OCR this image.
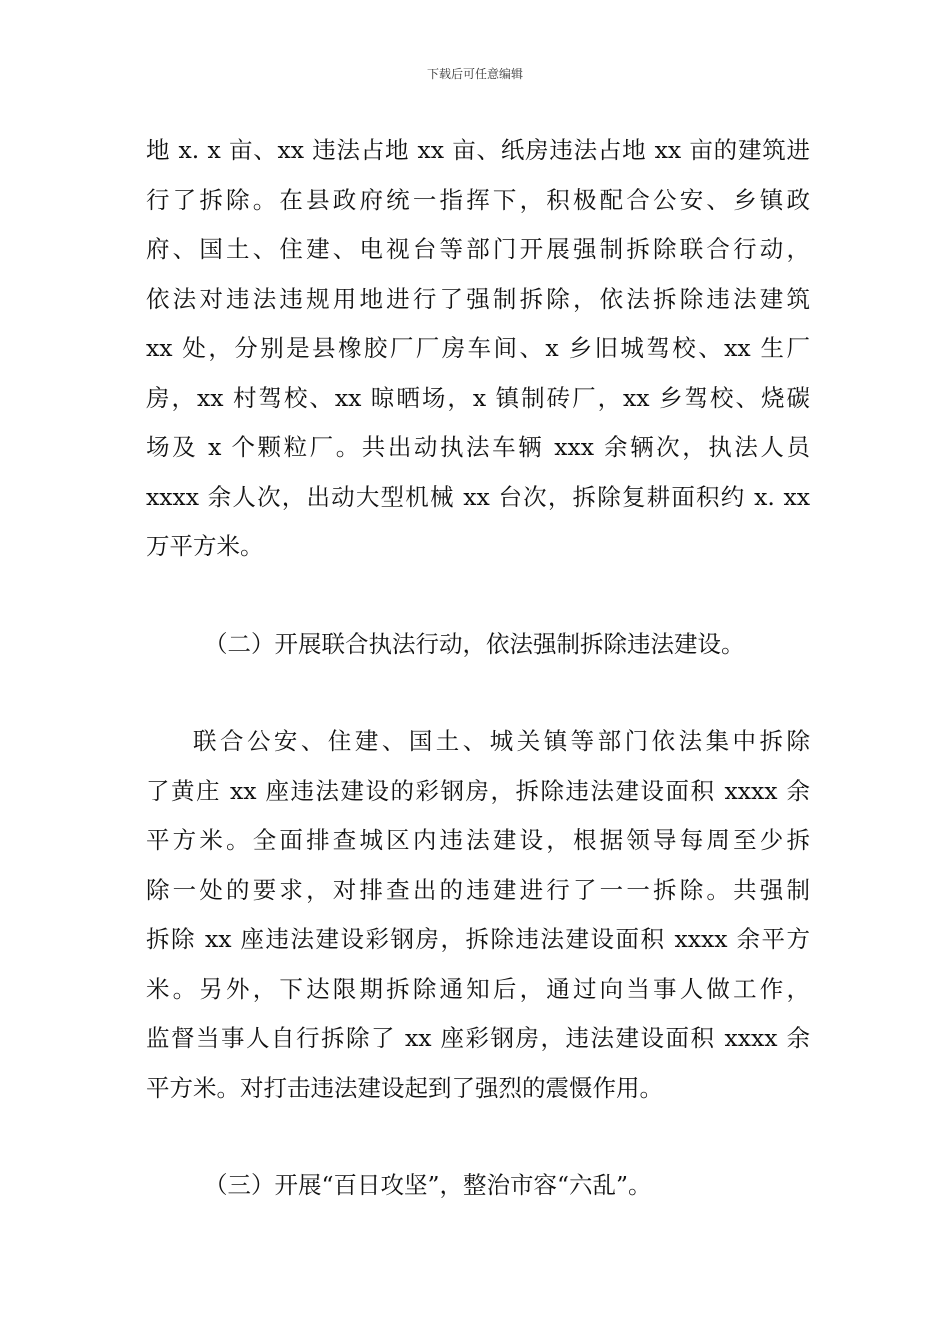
下载后可任意编辑
地 x. x 亩、xx 违法占地 xx 亩、纸房违法占地 xx 亩的建筑进
行了拆除。在县政府统一指挥下，积极配合公安、乡镇政
府、国土、住建、电视台等部门开展强制拆除联合行动，
依法对违法违规用地进行了强制拆除，依法拆除违法建筑
xx 处，分别是县橡胶厂厂房车间、x 乡旧城驾校、xx 生厂
房，xx 村驾校、xx 晾晒场，x 镇制砖厂，xx 乡驾校、烧碳
场及 x 个颗粒厂。共出动执法车辆 xxx 余辆次，执法人员
xxxx 余人次，出动大型机械 xx 台次，拆除复耕面积约 x. xx
万平方米。
（二）开展联合执法行动，依法强制拆除违法建设。
联合公安、住建、国土、城关镇等部门依法集中拆除
了黄庄 xx 座违法建设的彩钢房，拆除违法建设面积 xxxx 余
平方米。全面排查城区内违法建设，根据领导每周至少拆
除一处的要求，对排查出的违建进行了一一拆除。共强制
拆除 xx 座违法建设彩钢房，拆除违法建设面积 xxxx 余平方
米。另外，下达限期拆除通知后，通过向当事人做工作，
监督当事人自行拆除了 xx 座彩钢房，违法建设面积 xxxx 余
平方米。对打击违法建设起到了强烈的震慑作用。
（三）开展“百日攻坚”，整治市容“六乱”。
